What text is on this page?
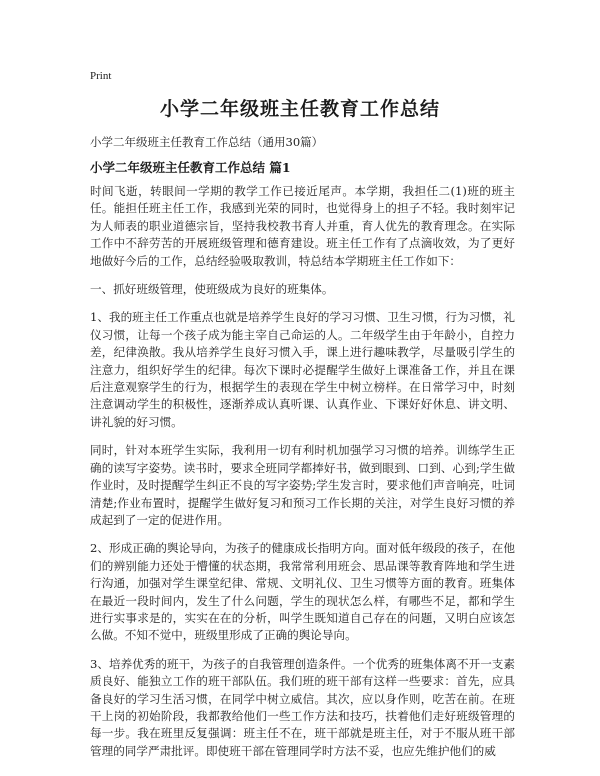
Print
小学二年级班主任教育工作总结
小学二年级班主任教育工作总结（通用30篇）
小学二年级班主任教育工作总结 篇1

时间飞逝，转眼间一学期的教学工作已接近尾声。本学期，我担任二(1)班的班主任。能担任班主任工作，我感到光荣的同时，也觉得身上的担子不轻。我时刻牢记为人师表的职业道德宗旨，坚持我校教书育人并重，育人优先的教育理念。在实际工作中不辞劳苦的开展班级管理和德育建设。班主任工作有了点滴收效，为了更好地做好今后的工作，总结经验吸取教训，特总结本学期班主任工作如下：

一、抓好班级管理，使班级成为良好的班集体。

1、我的班主任工作重点也就是培养学生良好的学习习惯、卫生习惯，行为习惯，礼仪习惯，让每一个孩子成为能主宰自己命运的人。二年级学生由于年龄小，自控力差，纪律涣散。我从培养学生良好习惯入手，课上进行趣味教学，尽量吸引学生的注意力，组织好学生的纪律。每次下课时必提醒学生做好上课准备工作，并且在课后注意观察学生的行为，根据学生的表现在学生中树立榜样。在日常学习中，时刻注意调动学生的积极性，逐渐养成认真听课、认真作业、下课好好休息、讲文明、讲礼貌的好习惯。

同时，针对本班学生实际，我利用一切有利时机加强学习习惯的培养。训练学生正确的读写字姿势。读书时，要求全班同学都捧好书，做到眼到、口到、心到;学生做作业时，及时提醒学生纠正不良的写字姿势;学生发言时，要求他们声音响亮，吐词清楚;作业布置时，提醒学生做好复习和预习工作长期的关注，对学生良好习惯的养成起到了一定的促进作用。

2、形成正确的舆论导向，为孩子的健康成长指明方向。面对低年级段的孩子，在他们的辨别能力还处于懵懂的状态期，我常常利用班会、思品课等教育阵地和学生进行沟通，加强对学生课堂纪律、常规、文明礼仪、卫生习惯等方面的教育。班集体在最近一段时间内，发生了什么问题，学生的现状怎么样，有哪些不足，都和学生进行实事求是的，实实在在的分析，叫学生既知道自己存在的问题，又明白应该怎么做。不知不觉中，班级里形成了正确的舆论导向。

3、培养优秀的班干，为孩子的自我管理创造条件。一个优秀的班集体离不开一支素质良好、能独立工作的班干部队伍。我们班的班干部有这样一些要求：首先，应具备良好的学习生活习惯，在同学中树立威信。其次，应以身作则，吃苦在前。在班干上岗的初始阶段，我都教给他们一些工作方法和技巧，扶着他们走好班级管理的每一步。我在班里反复强调：班主任不在，班干部就是班主任，对于不服从班干部管理的同学严肃批评。即使班干部在管理同学时方法不妥，也应先维护他们的威
